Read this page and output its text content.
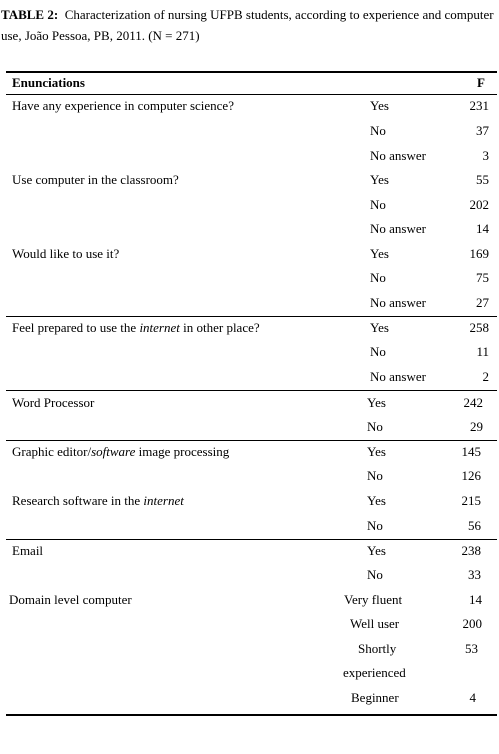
TABLE 2: Characterization of nursing UFPB students, according to experience and computer use, João Pessoa, PB, 2011. (N = 271)
Enunciations	F
Have any experience in computer science?	Yes	231
No	37
No answer	3
Use computer in the classroom?	Yes	55
No	202
No answer	14
Would like to use it?	Yes	169
No	75
No answer	27
Feel prepared to use the internet in other place?	Yes	258
No	11
No answer	2
Word Processor	Yes	242
No	29
Graphic editor/software image processing	Yes	145
No	126
Research software in the internet	Yes	215
No	56
Email	Yes	238
No	33
Domain level computer	Very fluent	14
Well user	200
Shortly	53
experienced
Beginner	4
